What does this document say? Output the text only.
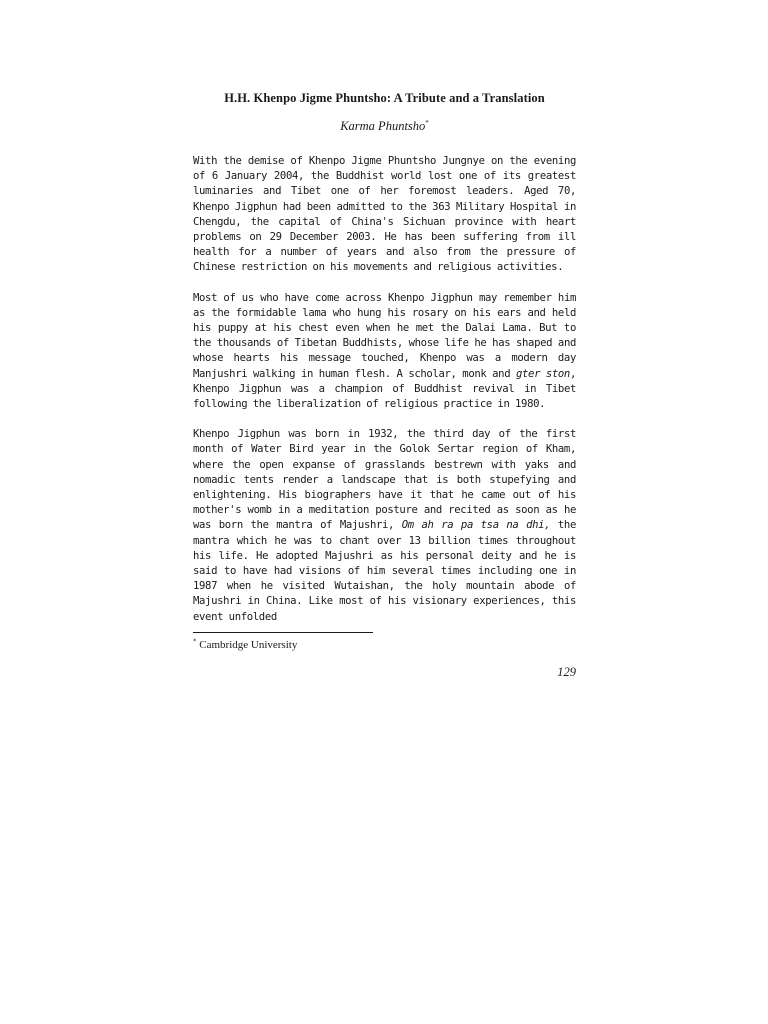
H.H. Khenpo Jigme Phuntsho: A Tribute and a Translation

Karma Phuntsho*

With the demise of Khenpo Jigme Phuntsho Jungnye on the evening of 6 January 2004, the Buddhist world lost one of its greatest luminaries and Tibet one of her foremost leaders. Aged 70, Khenpo Jigphun had been admitted to the 363 Military Hospital in Chengdu, the capital of China's Sichuan province with heart problems on 29 December 2003. He has been suffering from ill health for a number of years and also from the pressure of Chinese restriction on his movements and religious activities.

Most of us who have come across Khenpo Jigphun may remember him as the formidable lama who hung his rosary on his ears and held his puppy at his chest even when he met the Dalai Lama. But to the thousands of Tibetan Buddhists, whose life he has shaped and whose hearts his message touched, Khenpo was a modern day Manjushri walking in human flesh. A scholar, monk and gter ston, Khenpo Jigphun was a champion of Buddhist revival in Tibet following the liberalization of religious practice in 1980.

Khenpo Jigphun was born in 1932, the third day of the first month of Water Bird year in the Golok Sertar region of Kham, where the open expanse of grasslands bestrewn with yaks and nomadic tents render a landscape that is both stupefying and enlightening. His biographers have it that he came out of his mother's womb in a meditation posture and recited as soon as he was born the mantra of Majushri, Om ah ra pa tsa na dhi, the mantra which he was to chant over 13 billion times throughout his life. He adopted Majushri as his personal deity and he is said to have had visions of him several times including one in 1987 when he visited Wutaishan, the holy mountain abode of Majushri in China. Like most of his visionary experiences, this event unfolded

* Cambridge University

129
